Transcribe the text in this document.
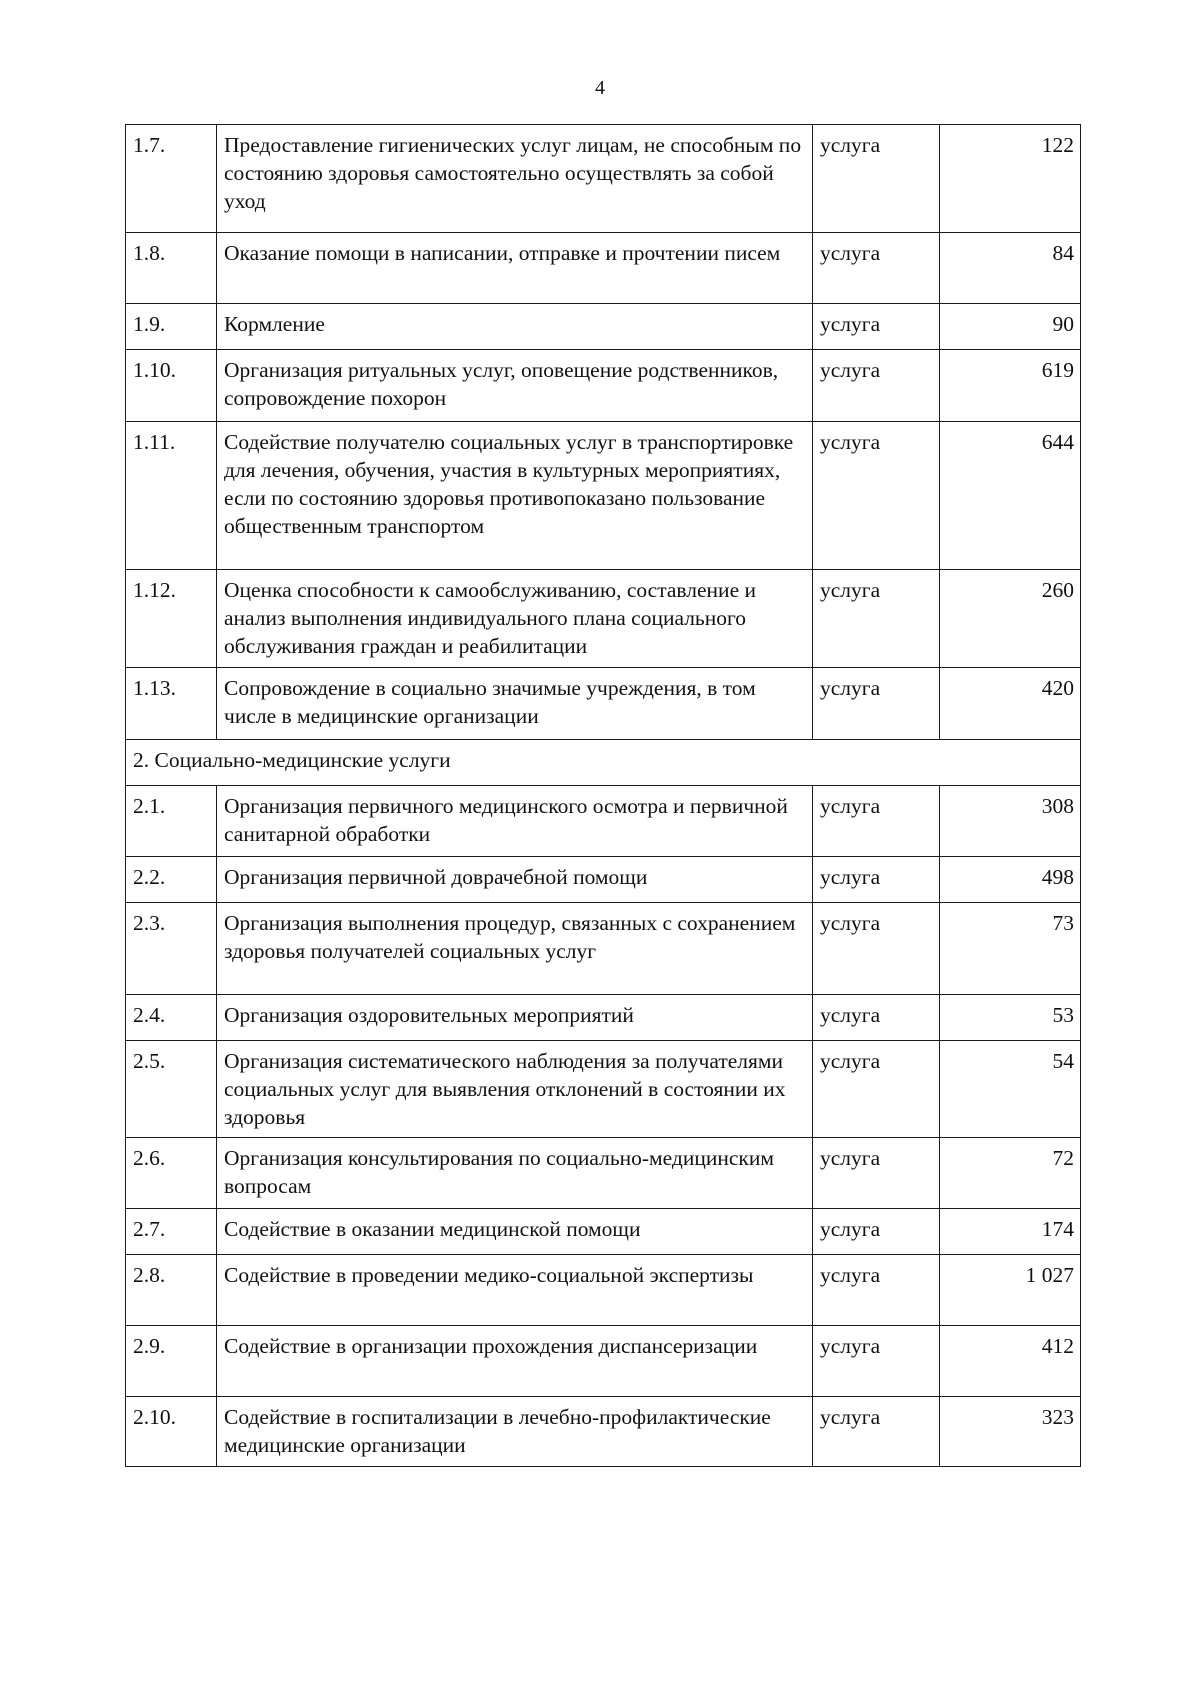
4
1.7.	Предоставление гигиенических услуг лицам, не способным по состоянию здоровья самостоятельно осуществлять за собой уход	услуга	122
1.8.	Оказание помощи в написании, отправке и прочтении писем	услуга	84
1.9.	Кормление	услуга	90
1.10.	Организация ритуальных услуг, оповещение родственников, сопровождение похорон	услуга	619
1.11.	Содействие получателю социальных услуг в транспортировке для лечения, обучения, участия в культурных мероприятиях, если по состоянию здоровья противопоказано пользование общественным транспортом	услуга	644
1.12.	Оценка способности к самообслуживанию, составление и анализ выполнения индивидуального плана социального обслуживания граждан и реабилитации	услуга	260
1.13.	Сопровождение в социально значимые учреждения, в том числе в медицинские организации	услуга	420
2. Социально-медицинские услуги			
2.1.	Организация первичного медицинского осмотра и первичной санитарной обработки	услуга	308
2.2.	Организация первичной доврачебной помощи	услуга	498
2.3.	Организация выполнения процедур, связанных с сохранением здоровья получателей социальных услуг	услуга	73
2.4.	Организация оздоровительных мероприятий	услуга	53
2.5.	Организация систематического наблюдения за получателями социальных услуг для выявления отклонений в состоянии их здоровья	услуга	54
2.6.	Организация консультирования по социально-медицинским вопросам	услуга	72
2.7.	Содействие в оказании медицинской помощи	услуга	174
2.8.	Содействие в проведении медико-социальной экспертизы	услуга	1 027
2.9.	Содействие в организации прохождения диспансеризации	услуга	412
2.10.	Содействие в госпитализации в лечебно-профилактические медицинские организации	услуга	323
